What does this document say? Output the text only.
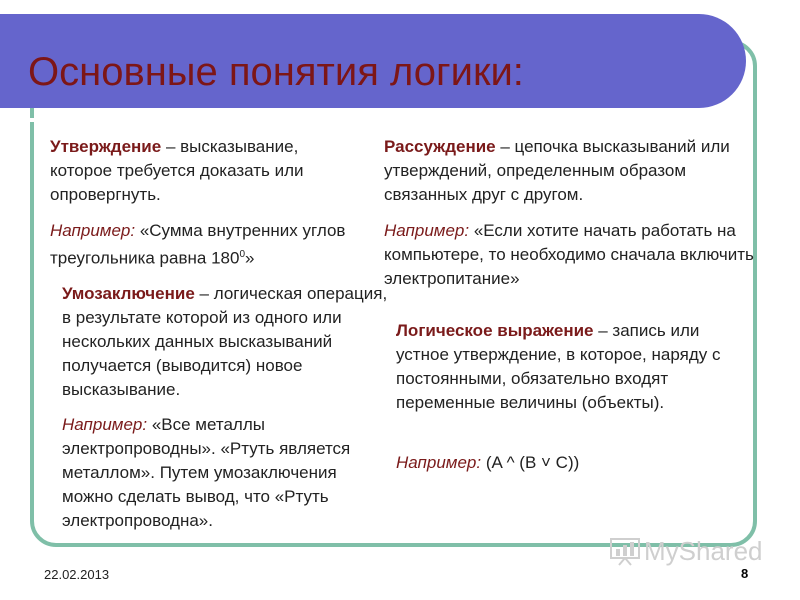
Основные понятия логики:
Утверждение – высказывание, которое требуется доказать или опровергнуть.
Например: «Сумма внутренних углов треугольника равна $180^0$»
Рассуждение – цепочка высказываний или утверждений, определенным образом связанных друг с другом.
Например: «Если хотите начать работать на компьютере, то необходимо сначала включить электропитание»
Умозаключение – логическая операция, в результате которой из одного или нескольких данных высказываний получается (выводится) новое высказывание.
Например: «Все металлы электропроводны». «Ртуть является металлом». Путем умозаключения можно сделать вывод, что «Ртуть электропроводна».
Логическое выражение – запись или устное утверждение, в которое, наряду с постоянными, обязательно входят переменные величины (объекты).
Например: (A ^ (B ˅ C))
MyShared
22.02.2013	8
